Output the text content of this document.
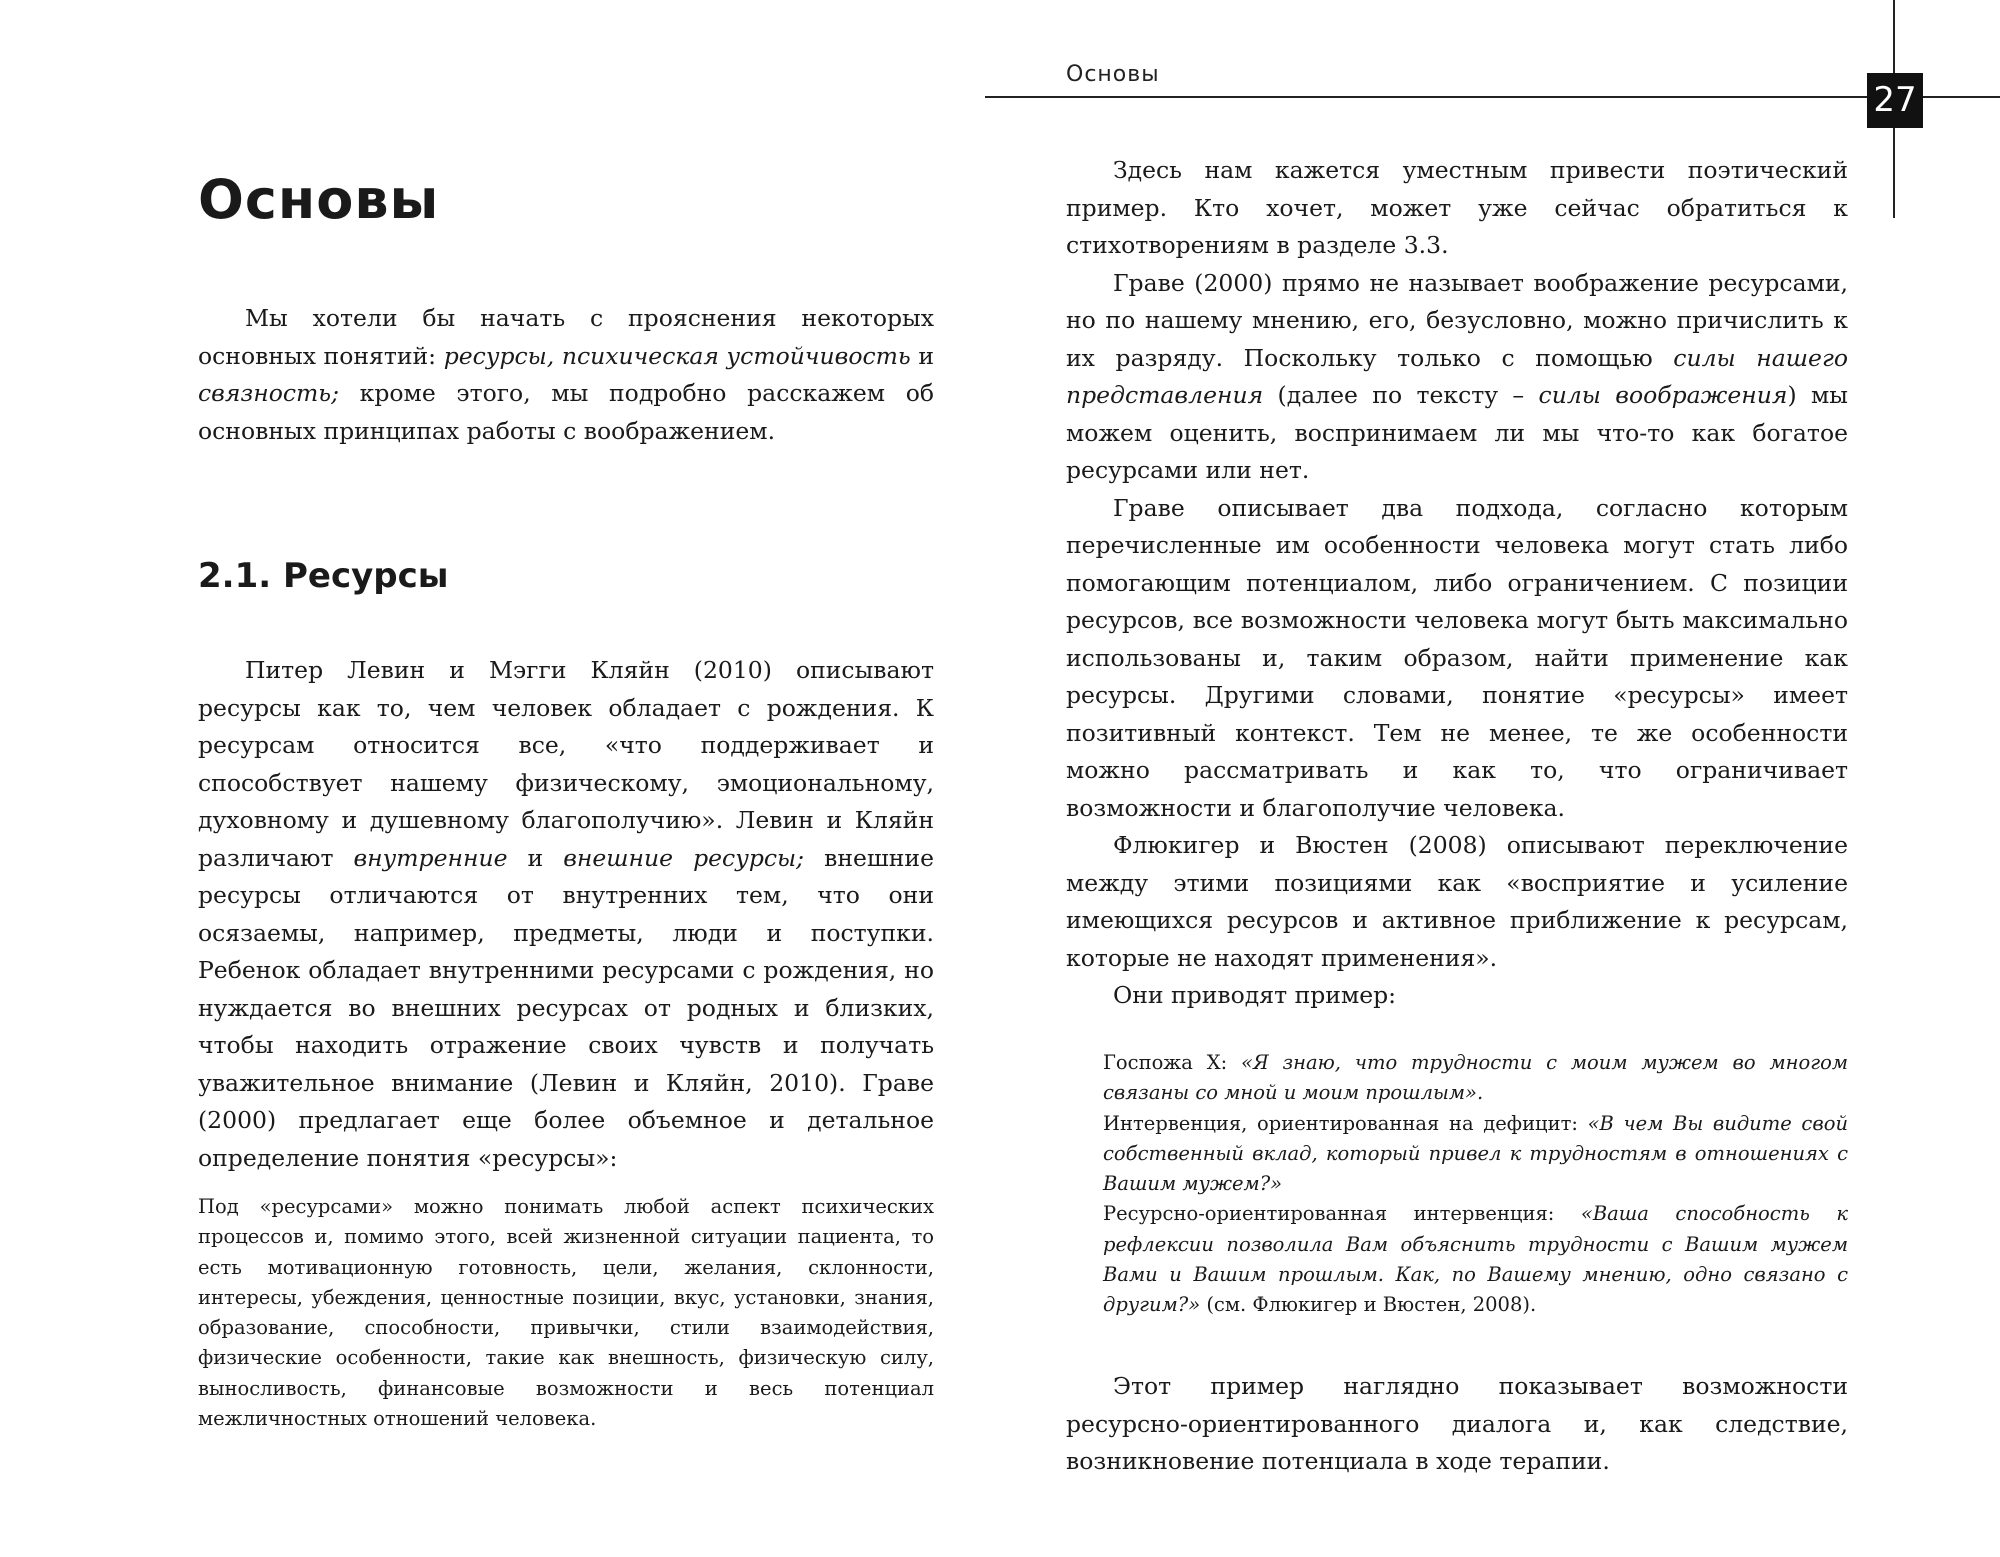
Основы
27
Основы
Мы хотели бы начать с прояснения некоторых основных понятий: ресурсы, психическая устойчивость и связность; кроме этого, мы подробно расскажем об основных принципах работы с воображением.
2.1. Ресурсы
Питер Левин и Мэгги Кляйн (2010) описывают ресурсы как то, чем человек обладает с рождения. К ресурсам относится все, «что поддерживает и способствует нашему физическому, эмоциональному, духовному и душевному благополучию». Левин и Кляйн различают внутренние и внешние ресурсы; внешние ресурсы отличаются от внутренних тем, что они осязаемы, например, предметы, люди и поступки. Ребенок обладает внутренними ресурсами с рождения, но нуждается во внешних ресурсах от родных и близких, чтобы находить отражение своих чувств и получать уважительное внимание (Левин и Кляйн, 2010). Граве (2000) предлагает еще более объемное и детальное определение понятия «ресурсы»:
Под «ресурсами» можно понимать любой аспект психических процессов и, помимо этого, всей жизненной ситуации пациента, то есть мотивационную готовность, цели, желания, склонности, интересы, убеждения, ценностные позиции, вкус, установки, знания, образование, способности, привычки, стили взаимодействия, физические особенности, такие как внешность, физическую силу, выносливость, финансовые возможности и весь потенциал межличностных отношений человека.

Здесь нам кажется уместным привести поэтический пример. Кто хочет, может уже сейчас обратиться к стихотворениям в разделе 3.3.

Граве (2000) прямо не называет воображение ресурсами, но по нашему мнению, его, безусловно, можно причислить к их разряду. Поскольку только с помощью силы нашего представления (далее по тексту – силы воображения) мы можем оценить, воспринимаем ли мы что-то как богатое ресурсами или нет.

Граве описывает два подхода, согласно которым перечисленные им особенности человека могут стать либо помогающим потенциалом, либо ограничением. С позиции ресурсов, все возможности человека могут быть максимально использованы и, таким образом, найти применение как ресурсы. Другими словами, понятие «ресурсы» имеет позитивный контекст. Тем не менее, те же особенности можно рассматривать и как то, что ограничивает возможности и благополучие человека.

Флюкигер и Вюстен (2008) описывают переключение между этими позициями как «восприятие и усиление имеющихся ресурсов и активное приближение к ресурсам, которые не находят применения».

Они приводят пример:

Госпожа Х: «Я знаю, что трудности с моим мужем во многом связаны со мной и моим прошлым».

Интервенция, ориентированная на дефицит: «В чем Вы видите свой собственный вклад, который привел к трудностям в отношениях с Вашим мужем?»

Ресурсно-ориентированная интервенция: «Ваша способность к рефлексии позволила Вам объяснить трудности с Вашим мужем Вами и Вашим прошлым. Как, по Вашему мнению, одно связано с другим?» (см. Флюкигер и Вюстен, 2008).

Этот пример наглядно показывает возможности ресурсно-ориентированного диалога и, как следствие, возникновение потенциала в ходе терапии.
